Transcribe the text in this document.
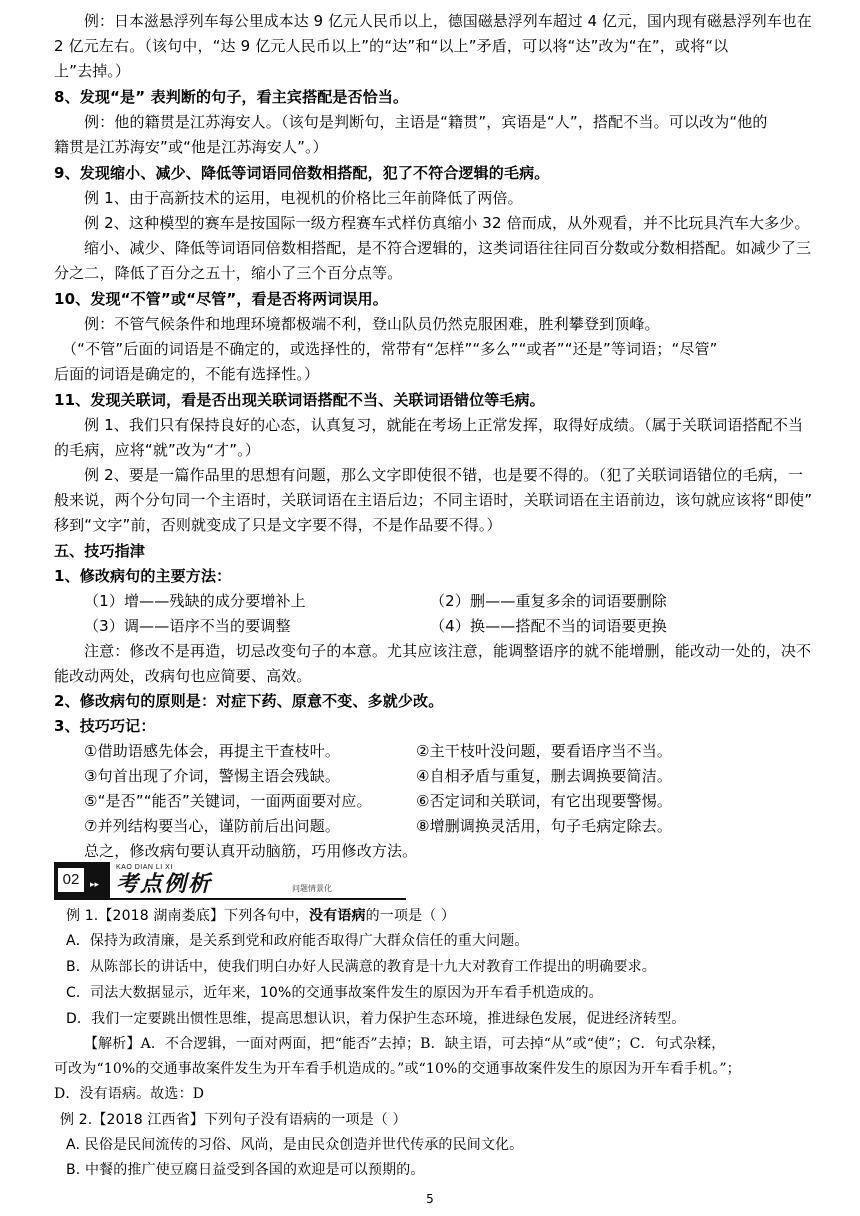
例：日本滋悬浮列车每公里成本达 9 亿元人民币以上，德国磁悬浮列车超过 4 亿元，国内现有磁悬浮列车也在
2 亿元左右。（该句中，“达 9 亿元人民币以上”的“达”和“以上”矛盾，可以将“达”改为“在”，或将“以
上”去掉。）
8、发现“是” 表判断的句子，看主宾搭配是否恰当。
例：他的籍贯是江苏海安人。（该句是判断句，主语是“籍贯”，宾语是“人”，搭配不当。可以改为“他的
籍贯是江苏海安”或“他是江苏海安人”。）
9、发现缩小、减少、降低等词语同倍数相搭配，犯了不符合逻辑的毛病。
例 1、由于高新技术的运用，电视机的价格比三年前降低了两倍。
例 2、这种模型的赛车是按国际一级方程赛车式样仿真缩小 32 倍而成，从外观看，并不比玩具汽车大多少。
缩小、减少、降低等词语同倍数相搭配，是不符合逻辑的，这类词语往往同百分数或分数相搭配。如减少了三
分之二，降低了百分之五十，缩小了三个百分点等。
10、发现“不管”或“尽管”，看是否将两词误用。
例：不管气候条件和地理环境都极端不利，登山队员仍然克服困难，胜利攀登到顶峰。
（“不管”后面的词语是不确定的，或选择性的，常带有“怎样”“多么”“或者”“还是”等词语；“尽管”
后面的词语是确定的，不能有选择性。）
11、发现关联词，看是否出现关联词语搭配不当、关联词语错位等毛病。
例 1、我们只有保持良好的心态，认真复习，就能在考场上正常发挥，取得好成绩。（属于关联词语搭配不当
的毛病，应将“就”改为“才”。）
例 2、要是一篇作品里的思想有问题，那么文字即使很不错，也是要不得的。（犯了关联词语错位的毛病，一
般来说，两个分句同一个主语时，关联词语在主语后边；不同主语时，关联词语在主语前边，该句就应该将“即使”
移到“文字”前，否则就变成了只是文字要不得，不是作品要不得。）
五、技巧指津
1、修改病句的主要方法：
（1）增——残缺的成分要增补上	（2）删——重复多余的词语要删除
（3）调——语序不当的要调整	（4）换——搭配不当的词语要更换
注意：修改不是再造，切忌改变句子的本意。尤其应该注意，能调整语序的就不能增删，能改动一处的，决不
能改动两处，改病句也应简要、高效。
2、修改病句的原则是：对症下药、原意不变、多就少改。
3、技巧巧记：
①借助语感先体会，再提主干查枝叶。	②主干枝叶没问题，要看语序当不当。
③句首出现了介词，警惕主语会残缺。	④自相矛盾与重复，删去调换要简洁。
⑤“是否”“能否”关键词，一面两面要对应。	⑥否定词和关联词，有它出现要警惕。
⑦并列结构要当心，谨防前后出问题。	⑧增删调换灵活用，句子毛病定除去。
总之，修改病句要认真开动脑筋，巧用修改方法。
02
KAO DIAN LI XI
▸▸ 考点例析	问题情景化
例 1.【2018 湖南娄底】下列各句中，没有语病的一项是（ ）
A．保持为政清廉，是关系到党和政府能否取得广大群众信任的重大问题。
B．从陈部长的讲话中，使我们明白办好人民满意的教育是十九大对教育工作提出的明确要求。
C．司法大数据显示，近年来，10%的交通事故案件发生的原因为开车看手机造成的。
D．我们一定要跳出惯性思维，提高思想认识，着力保护生态环境，推进绿色发展，促进经济转型。
【解析】A．不合逻辑，一面对两面，把“能否”去掉；B．缺主语，可去掉“从”或“使”；C．句式杂糅，
可改为“10%的交通事故案件发生为开车看手机造成的。”或“10%的交通事故案件发生的原因为开车看手机。”；
D．没有语病。故选：D
例 2.【2018 江西省】下列句子没有语病的一项是（ ）
A. 民俗是民间流传的习俗、风尚，是由民众创造并世代传承的民间文化。
B. 中餐的推广使豆腐日益受到各国的欢迎是可以预期的。
5
